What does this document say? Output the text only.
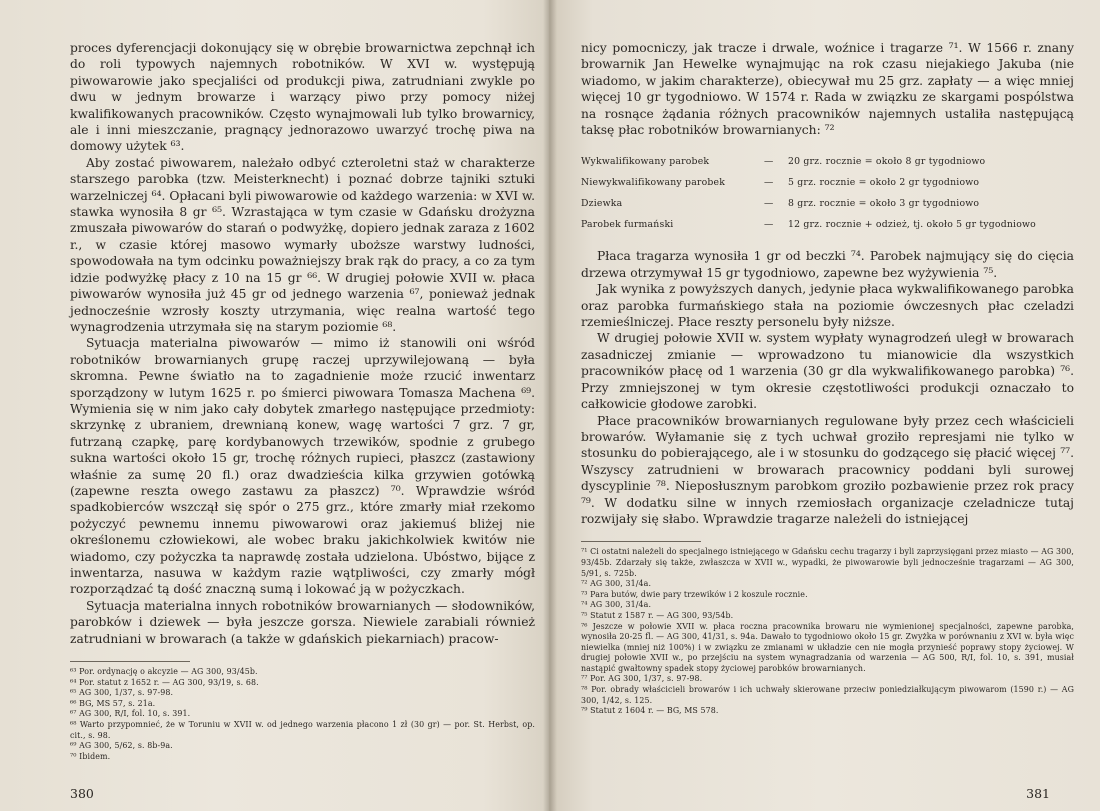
proces dyferencjacji dokonujący się w obrębie browarnictwa zepchnął ich do roli typowych najemnych robotników. W XVI w. występują piwowarowie jako specjaliści od produkcji piwa, zatrudniani zwykle po dwu w jednym browarze i warzący piwo przy pomocy niżej kwalifikowanych pracowników. Często wynajmowali lub tylko browarnicy, ale i inni mieszczanie, pragnący jednorazowo uwarzyć trochę piwa na domowy użytek ⁶³.

Aby zostać piwowarem, należało odbyć czteroletni staż w charakterze starszego parobka (tzw. Meisterknecht) i poznać dobrze tajniki sztuki warzelniczej ⁶⁴. Opłacani byli piwowarowie od każdego warzenia: w XVI w. stawka wynosiła 8 gr ⁶⁵. Wzrastająca w tym czasie w Gdańsku drożyzna zmuszała piwowarów do starań o podwyżkę, dopiero jednak zaraza z 1602 r., w czasie której masowo wymarły uboższe warstwy ludności, spowodowała na tym odcinku poważniejszy brak rąk do pracy, a co za tym idzie podwyżkę płacy z 10 na 15 gr ⁶⁶. W drugiej połowie XVII w. płaca piwowarów wynosiła już 45 gr od jednego warzenia ⁶⁷, ponieważ jednak jednocześnie wzrosły koszty utrzymania, więc realna wartość tego wynagrodzenia utrzymała się na starym poziomie ⁶⁸.

Sytuacja materialna piwowarów — mimo iż stanowili oni wśród robotników browarnianych grupę raczej uprzywilejowaną — była skromna. Pewne światło na to zagadnienie może rzucić inwentarz sporządzony w lutym 1625 r. po śmierci piwowara Tomasza Machena ⁶⁹. Wymienia się w nim jako cały dobytek zmarłego następujące przedmioty: skrzynkę z ubraniem, drewnianą konew, wagę wartości 7 grz. 7 gr, futrzaną czapkę, parę kordybanowych trzewików, spodnie z grubego sukna wartości około 15 gr, trochę różnych rupieci, płaszcz (zastawiony właśnie za sumę 20 fl.) oraz dwadzieścia kilka grzywien gotówką (zapewne reszta owego zastawu za płaszcz) ⁷⁰. Wprawdzie wśród spadkobierców wszczął się spór o 275 grz., które zmarły miał rzekomo pożyczyć pewnemu innemu piwowarowi oraz jakiemuś bliżej nie określonemu człowiekowi, ale wobec braku jakichkolwiek kwitów nie wiadomo, czy pożyczka ta naprawdę została udzielona. Ubóstwo, bijące z inwentarza, nasuwa w każdym razie wątpliwości, czy zmarły mógł rozporządzać tą dość znaczną sumą i lokować ją w pożyczkach.

Sytuacja materialna innych robotników browarnianych — słodowników, parobków i dziewek — była jeszcze gorsza. Niewiele zarabiali również zatrudniani w browarach (a także w gdańskich piekarniach) pracow-

⁶³ Por. ordynację o akcyzie — AG 300, 93/45b.

⁶⁴ Por. statut z 1652 r. — AG 300, 93/19, s. 68.

⁶⁵ AG 300, 1/37, s. 97-98.

⁶⁶ BG, MS 57, s. 21a.

⁶⁷ AG 300, R/I, fol. 10, s. 391.

⁶⁸ Warto przypomnieć, że w Toruniu w XVII w. od jednego warzenia płacono 1 zł (30 gr) — por. St. Herbst, op. cit., s. 98.

⁶⁹ AG 300, 5/62, s. 8b-9a.

⁷⁰ Ibidem.

380

nicy pomocniczy, jak tracze i drwale, woźnice i tragarze ⁷¹. W 1566 r. znany browarnik Jan Hewelke wynajmując na rok czasu niejakiego Jakuba (nie wiadomo, w jakim charakterze), obiecywał mu 25 grz. zapłaty — a więc mniej więcej 10 gr tygodniowo. W 1574 r. Rada w związku ze skargami pospólstwa na rosnące żądania różnych pracowników najemnych ustaliła następującą taksę płac robotników browarnianych: ⁷²

Wykwalifikowany parobek	—	20 grz. rocznie = około 8 gr tygodniowo
Niewykwalifikowany parobek	—	5 grz. rocznie = około 2 gr tygodniowo
Dziewka	—	8 grz. rocznie = około 3 gr tygodniowo
Parobek furmański	—	12 grz. rocznie + odzież, tj. około 5 gr tygodniowo

Płaca tragarza wynosiła 1 gr od beczki ⁷⁴. Parobek najmujący się do cięcia drzewa otrzymywał 15 gr tygodniowo, zapewne bez wyżywienia ⁷⁵.

Jak wynika z powyższych danych, jedynie płaca wykwalifikowanego parobka oraz parobka furmańskiego stała na poziomie ówczesnych płac czeladzi rzemieślniczej. Płace reszty personelu były niższe.

W drugiej połowie XVII w. system wypłaty wynagrodzeń uległ w browarach zasadniczej zmianie — wprowadzono tu mianowicie dla wszystkich pracowników płacę od 1 warzenia (30 gr dla wykwalifikowanego parobka) ⁷⁶. Przy zmniejszonej w tym okresie częstotliwości produkcji oznaczało to całkowicie głodowe zarobki.

Płace pracowników browarnianych regulowane były przez cech właścicieli browarów. Wyłamanie się z tych uchwał groziło represjami nie tylko w stosunku do pobierającego, ale i w stosunku do godzącego się płacić więcej ⁷⁷. Wszyscy zatrudnieni w browarach pracownicy poddani byli surowej dyscyplinie ⁷⁸. Nieposłusznym parobkom groziło pozbawienie przez rok pracy ⁷⁹. W dodatku silne w innych rzemiosłach organizacje czeladnicze tutaj rozwijały się słabo. Wprawdzie tragarze należeli do istniejącej

⁷¹ Ci ostatni należeli do specjalnego istniejącego w Gdańsku cechu tragarzy i byli zaprzysięgani przez miasto — AG 300, 93/45b. Zdarzały się także, zwłaszcza w XVII w., wypadki, że piwowarowie byli jednocześnie tragarzami — AG 300, 5/91, s. 725b.

⁷² AG 300, 31/4a.

⁷³ Para butów, dwie pary trzewików i 2 koszule rocznie.

⁷⁴ AG 300, 31/4a.

⁷⁵ Statut z 1587 r. — AG 300, 93/54b.

⁷⁶ Jeszcze w połowie XVII w. płaca roczna pracownika browaru nie wymienionej specjalności, zapewne parobka, wynosiła 20-25 fl. — AG 300, 41/31, s. 94a. Dawało to tygodniowo około 15 gr. Zwyżka w porównaniu z XVI w. była więc niewielka (mniej niż 100%) i w związku ze zmianami w układzie cen nie mogła przynieść poprawy stopy życiowej. W drugiej połowie XVII w., po przejściu na system wynagradzania od warzenia — AG 500, R/I, fol. 10, s. 391, musiał nastąpić gwałtowny spadek stopy życiowej parobków browarnianych.

⁷⁷ Por. AG 300, 1/37, s. 97-98.

⁷⁸ Por. obrady właścicieli browarów i ich uchwały skierowane przeciw poniedziałkującym piwowarom (1590 r.) — AG 300, 1/42, s. 125.

⁷⁹ Statut z 1604 r. — BG, MS 578.

381
